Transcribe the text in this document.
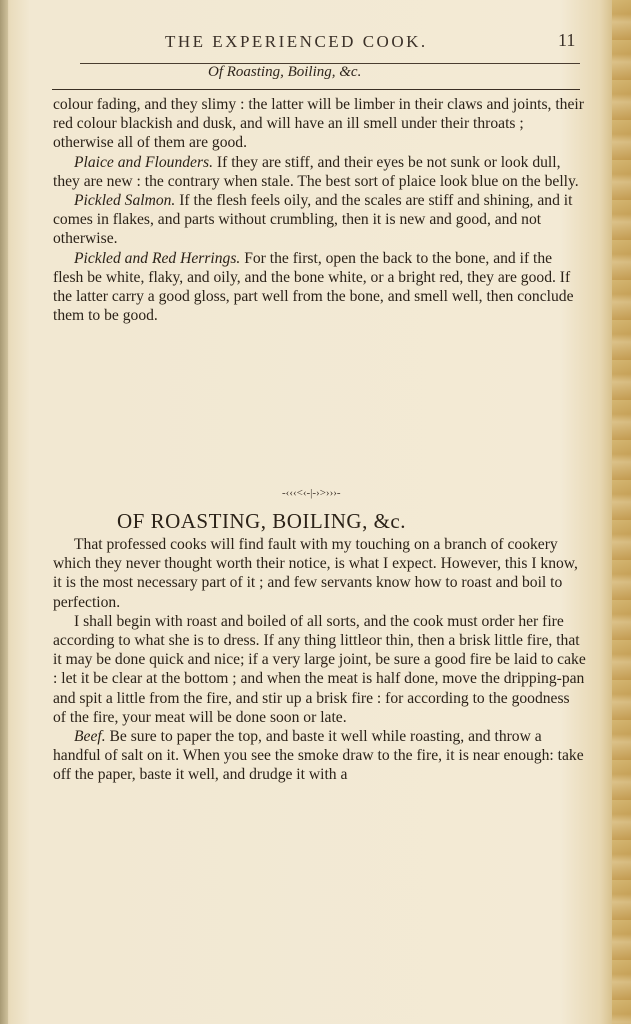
THE EXPERIENCED COOK.	11
Of Roasting, Boiling, &c.

colour fading, and they slimy : the latter will be limber in their claws and joints, their red colour blackish and dusk, and will have an ill smell under their throats ; otherwise all of them are good.

Plaice and Flounders. If they are stiff, and their eyes be not sunk or look dull, they are new : the contrary when stale. The best sort of plaice look blue on the belly.

Pickled Salmon. If the flesh feels oily, and the scales are stiff and shining, and it comes in flakes, and parts without crumbling, then it is new and good, and not otherwise.

Pickled and Red Herrings. For the first, open the back to the bone, and if the flesh be white, flaky, and oily, and the bone white, or a bright red, they are good. If the latter carry a good gloss, part well from the bone, and smell well, then conclude them to be good.

-‹‹‹<‹-|-›>›››-
OF ROASTING, BOILING, &c.

That professed cooks will find fault with my touching on a branch of cookery which they never thought worth their notice, is what I expect. However, this I know, it is the most necessary part of it ; and few servants know how to roast and boil to perfection.

I shall begin with roast and boiled of all sorts, and the cook must order her fire according to what she is to dress. If any thing littleor thin, then a brisk little fire, that it may be done quick and nice; if a very large joint, be sure a good fire be laid to cake : let it be clear at the bottom ; and when the meat is half done, move the dripping-pan and spit a little from the fire, and stir up a brisk fire : for according to the goodness of the fire, your meat will be done soon or late.

Beef. Be sure to paper the top, and baste it well while roasting, and throw a handful of salt on it. When you see the smoke draw to the fire, it is near enough: take off the paper, baste it well, and drudge it with a
